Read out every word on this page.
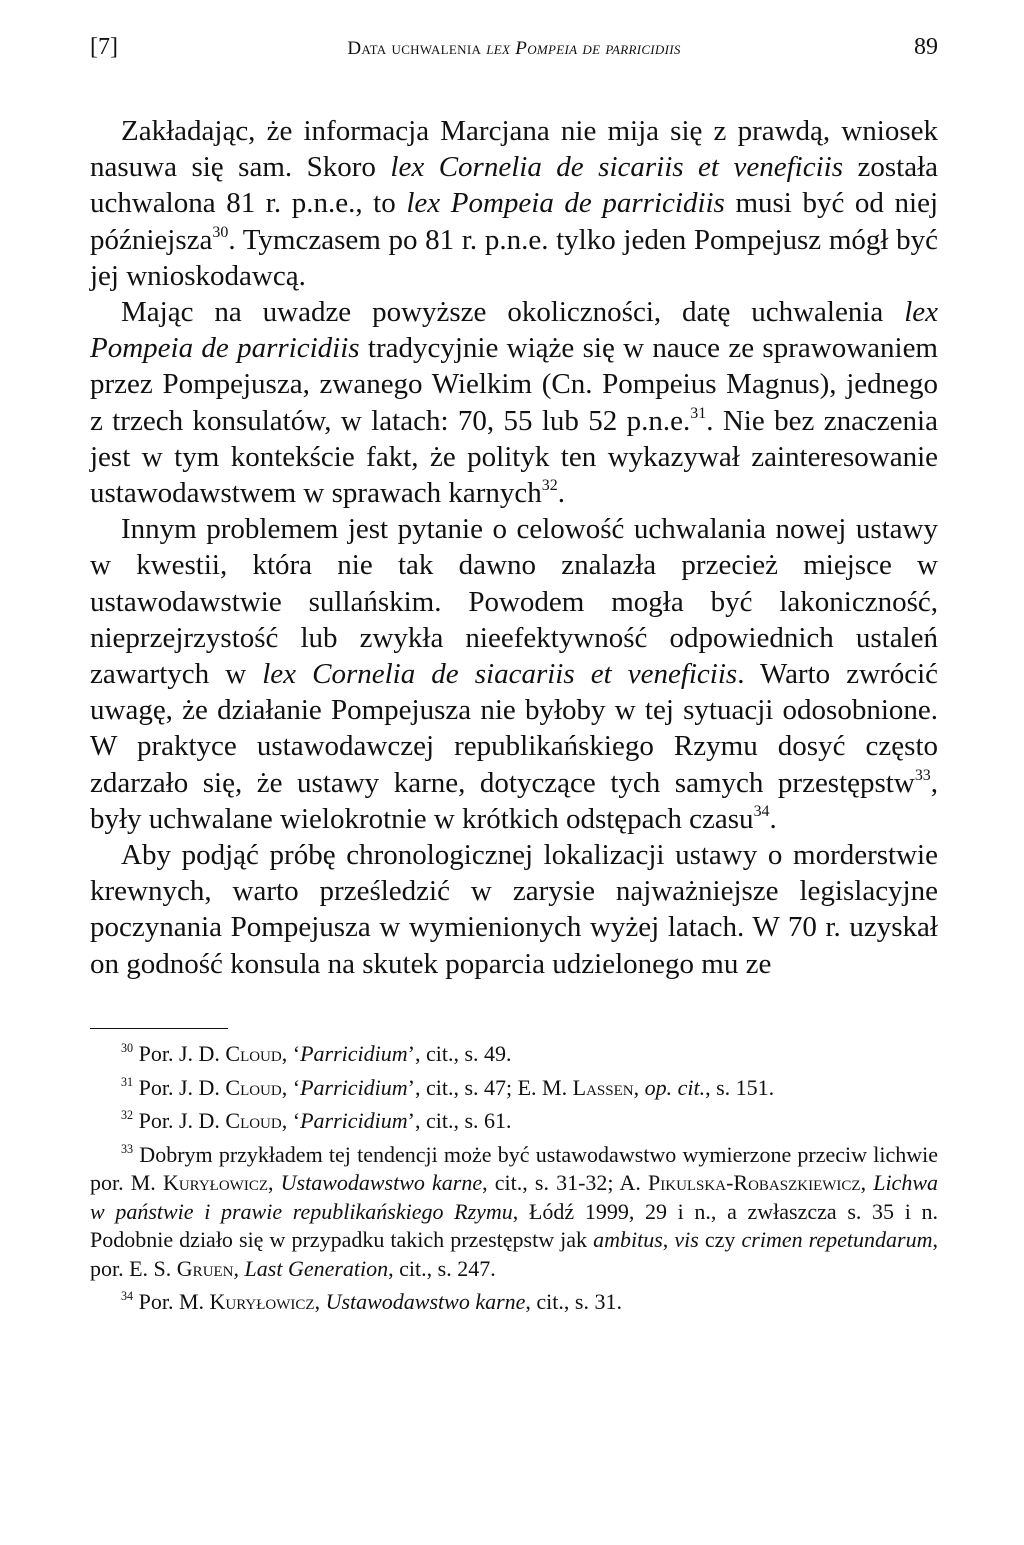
[7]	Data uchwalenia lex Pompeia de parricidiis	89

Zakładając, że informacja Marcjana nie mija się z prawdą, wniosek nasuwa się sam. Skoro lex Cornelia de sicariis et veneficiis została uchwalona 81 r. p.n.e., to lex Pompeia de parricidiis musi być od niej późniejsza$^{30}$. Tymczasem po 81 r. p.n.e. tylko jeden Pompejusz mógł być jej wnioskodawcą.

Mając na uwadze powyższe okoliczności, datę uchwalenia lex Pompeia de parricidiis tradycyjnie wiąże się w nauce ze sprawowaniem przez Pompejusza, zwanego Wielkim (Cn. Pompeius Magnus), jednego z trzech konsulatów, w latach: 70, 55 lub 52 p.n.e.$^{31}$. Nie bez znaczenia jest w tym kontekście fakt, że polityk ten wykazywał zainteresowanie ustawodawstwem w sprawach karnych$^{32}$.

Innym problemem jest pytanie o celowość uchwalania nowej ustawy w kwestii, która nie tak dawno znalazła przecież miejsce w ustawodawstwie sullańskim. Powodem mogła być lakoniczność, nieprzejrzystość lub zwykła nieefektywność odpowiednich ustaleń zawartych w lex Cornelia de siacariis et veneficiis. Warto zwrócić uwagę, że działanie Pompejusza nie byłoby w tej sytuacji odosobnione. W praktyce ustawodawczej republikańskiego Rzymu dosyć często zdarzało się, że ustawy karne, dotyczące tych samych przestępstw$^{33}$, były uchwalane wielokrotnie w krótkich odstępach czasu$^{34}$.

Aby podjąć próbę chronologicznej lokalizacji ustawy o morderstwie krewnych, warto prześledzić w zarysie najważniejsze legislacyjne poczynania Pompejusza w wymienionych wyżej latach. W 70 r. uzyskał on godność konsula na skutek poparcia udzielonego mu ze

$^{30}$ Por. J. D. Cloud, ‘Parricidium’, cit., s. 49.

$^{31}$ Por. J. D. Cloud, ‘Parricidium’, cit., s. 47; E. M. Lassen, op. cit., s. 151.

$^{32}$ Por. J. D. Cloud, ‘Parricidium’, cit., s. 61.

$^{33}$ Dobrym przykładem tej tendencji może być ustawodawstwo wymierzone przeciw lichwie por. M. Kuryłowicz, Ustawodawstwo karne, cit., s. 31-32; A. Pikulska-Robaszkiewicz, Lichwa w państwie i prawie republikańskiego Rzymu, Łódź 1999, 29 i n., a zwłaszcza s. 35 i n. Podobnie działo się w przypadku takich przestępstw jak ambitus, vis czy crimen repetundarum, por. E. S. Gruen, Last Generation, cit., s. 247.

$^{34}$ Por. M. Kuryłowicz, Ustawodawstwo karne, cit., s. 31.
